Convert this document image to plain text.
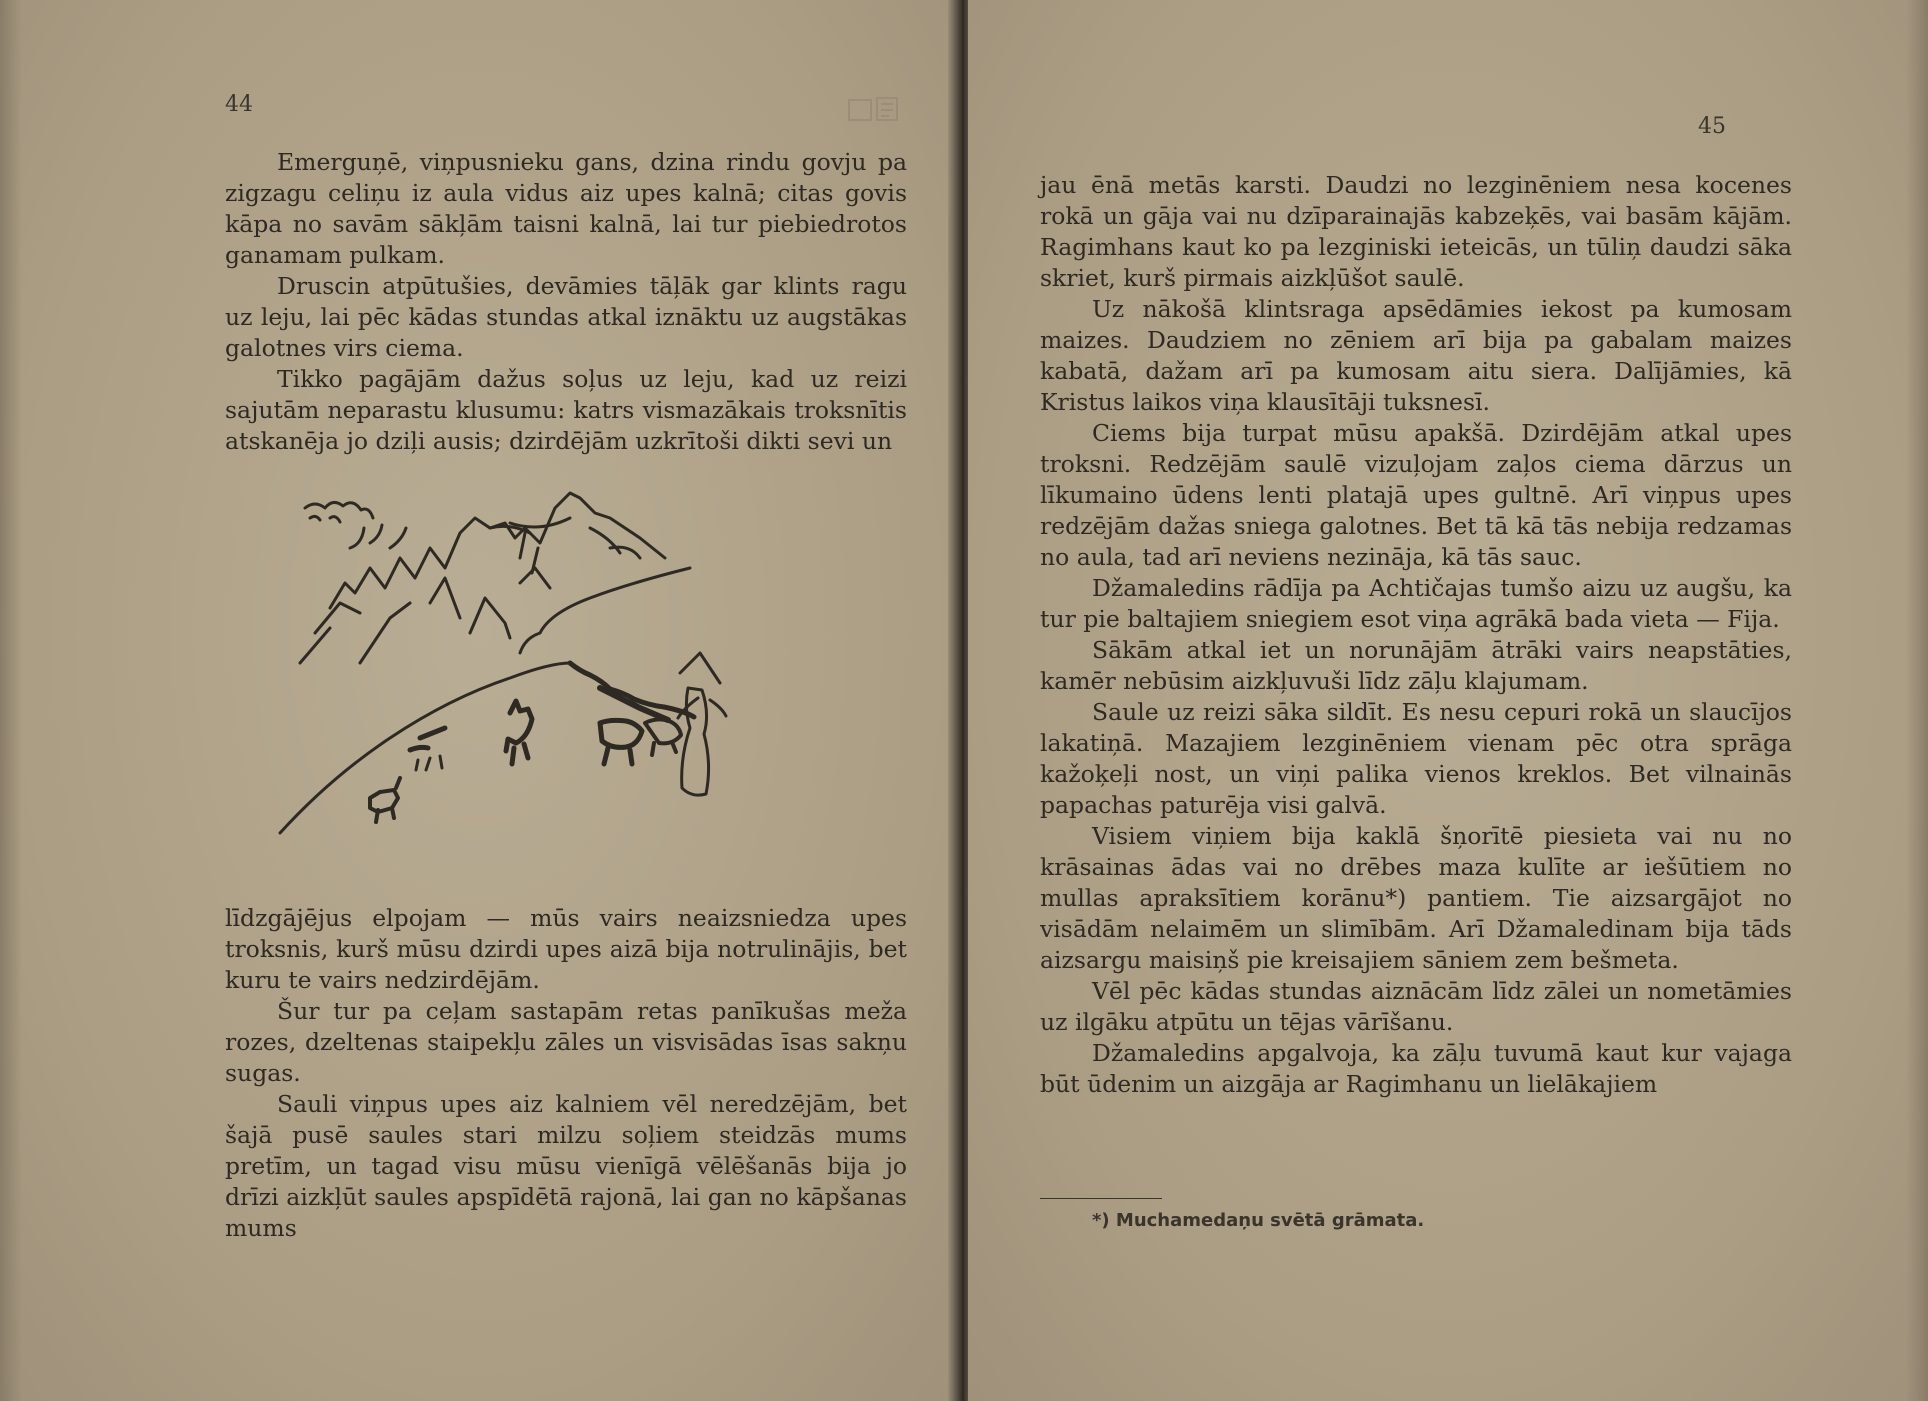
44

Emerguņē, viņpusnieku gans, dzina rindu govju pa zigzagu celiņu iz aula vidus aiz upes kalnā; citas govis kāpa no savām sākļām taisni kalnā, lai tur piebiedrotos ganamam pulkam.

Druscin atpūtušies, devāmies tāļāk gar klints ragu uz leju, lai pēc kādas stundas atkal iznāktu uz augstākas galotnes virs ciema.

Tikko pagājām dažus soļus uz leju, kad uz reizi sajutām neparastu klusumu: katrs vismazākais troksnītis atskanēja jo dziļi ausis; dzirdējām uzkrītoši dikti sevi un

līdzgājējus elpojam — mūs vairs neaizsniedza upes troksnis, kurš mūsu dzirdi upes aizā bija notrulinājis, bet kuru te vairs nedzirdējām.

Šur tur pa ceļam sastapām retas panīkušas meža rozes, dzeltenas staipekļu zāles un visvisādas īsas sakņu sugas.

Sauli viņpus upes aiz kalniem vēl neredzējām, bet šajā pusē saules stari milzu soļiem steidzās mums pretīm, un tagad visu mūsu vienīgā vēlēšanās bija jo drīzi aizkļūt saules apspīdētā rajonā, lai gan no kāpšanas mums

45

jau ēnā metās karsti. Daudzi no lezginēniem nesa kocenes rokā un gāja vai nu dzīparainajās kabzeķēs, vai basām kājām. Ragimhans kaut ko pa lezginiski ieteicās, un tūliņ daudzi sāka skriet, kurš pirmais aizkļūšot saulē.

Uz nākošā klintsraga apsēdāmies iekost pa kumosam maizes. Daudziem no zēniem arī bija pa gabalam maizes kabatā, dažam arī pa kumosam aitu siera. Dalījāmies, kā Kristus laikos viņa klausītāji tuksnesī.

Ciems bija turpat mūsu apakšā. Dzirdējām atkal upes troksni. Redzējām saulē vizuļojam zaļos ciema dārzus un līkumaino ūdens lenti platajā upes gultnē. Arī viņpus upes redzējām dažas sniega galotnes. Bet tā kā tās nebija redzamas no aula, tad arī neviens nezināja, kā tās sauc.

Džamaledins rādīja pa Achtičajas tumšo aizu uz augšu, ka tur pie baltajiem sniegiem esot viņa agrākā bada vieta — Fija.

Sākām atkal iet un norunājām ātrāki vairs neapstāties, kamēr nebūsim aizkļuvuši līdz zāļu klajumam.

Saule uz reizi sāka sildīt. Es nesu cepuri rokā un slaucījos lakatiņā. Mazajiem lezginēniem vienam pēc otra sprāga kažoķeļi nost, un viņi palika vienos kreklos. Bet vilnainās papachas paturēja visi galvā.

Visiem viņiem bija kaklā šņorītē piesieta vai nu no krāsainas ādas vai no drēbes maza kulīte ar iešūtiem no mullas apraksītiem korānu*) pantiem. Tie aizsargājot no visādām nelaimēm un slimībām. Arī Džamaledinam bija tāds aizsargu maisiņš pie kreisajiem sāniem zem bešmeta.

Vēl pēc kādas stundas aiznācām līdz zālei un nometāmies uz ilgāku atpūtu un tējas vārīšanu.

Džamaledins apgalvoja, ka zāļu tuvumā kaut kur vajaga būt ūdenim un aizgāja ar Ragimhanu un lielākajiem

*) Muchamedaņu svētā grāmata.
